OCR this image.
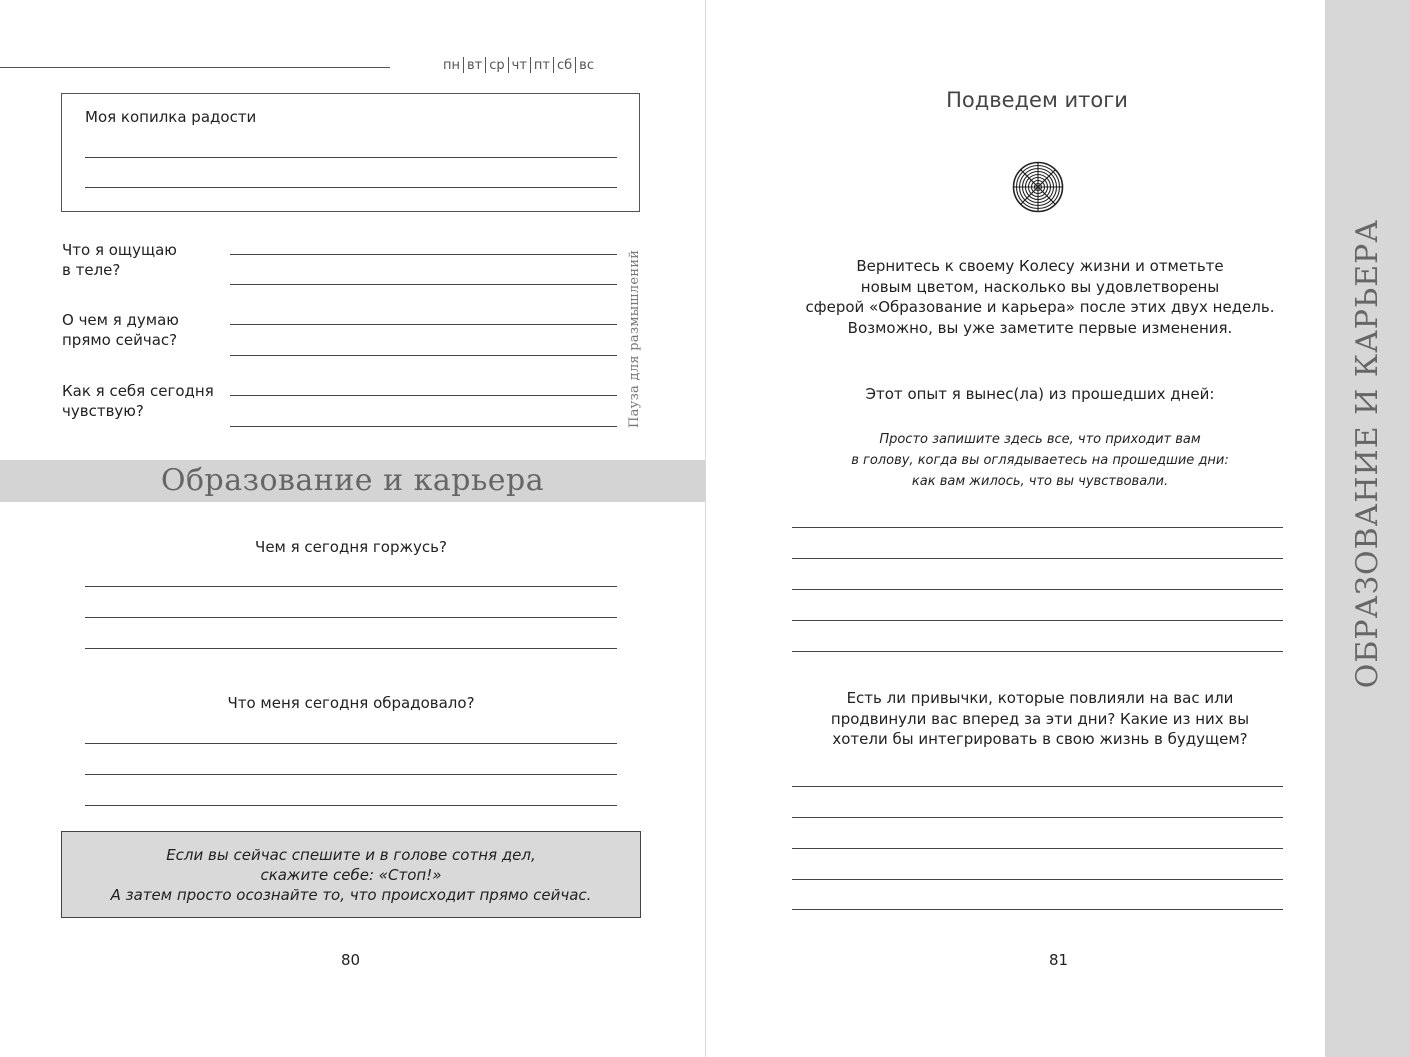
пн вт ср чт пт сб вс
Моя копилка радости
Что я ощущаю
в теле?
О чем я думаю
прямо сейчас?
Как я себя сегодня
чувствую?	Пауза для размышлений
Образование и карьера
Чем я сегодня горжусь?
Что меня сегодня обрадовало?
Если вы сейчас спешите и в голове сотня дел,
скажите себе: «Стоп!»
А затем просто осознайте то, что происходит прямо сейчас.
80
Подведем итоги
Вернитесь к своему Колесу жизни и отметьте
новым цветом, насколько вы удовлетворены
сферой «Образование и карьера» после этих двух недель.
Возможно, вы уже заметите первые изменения.
Этот опыт я вынес(ла) из прошедших дней:
Просто запишите здесь все, что приходит вам
в голову, когда вы оглядываетесь на прошедшие дни:
как вам жилось, что вы чувствовали.
Есть ли привычки, которые повлияли на вас или
продвинули вас вперед за эти дни? Какие из них вы
хотели бы интегрировать в свою жизнь в будущем?
81
ОБРАЗОВАНИЕ И КАРЬЕРА
